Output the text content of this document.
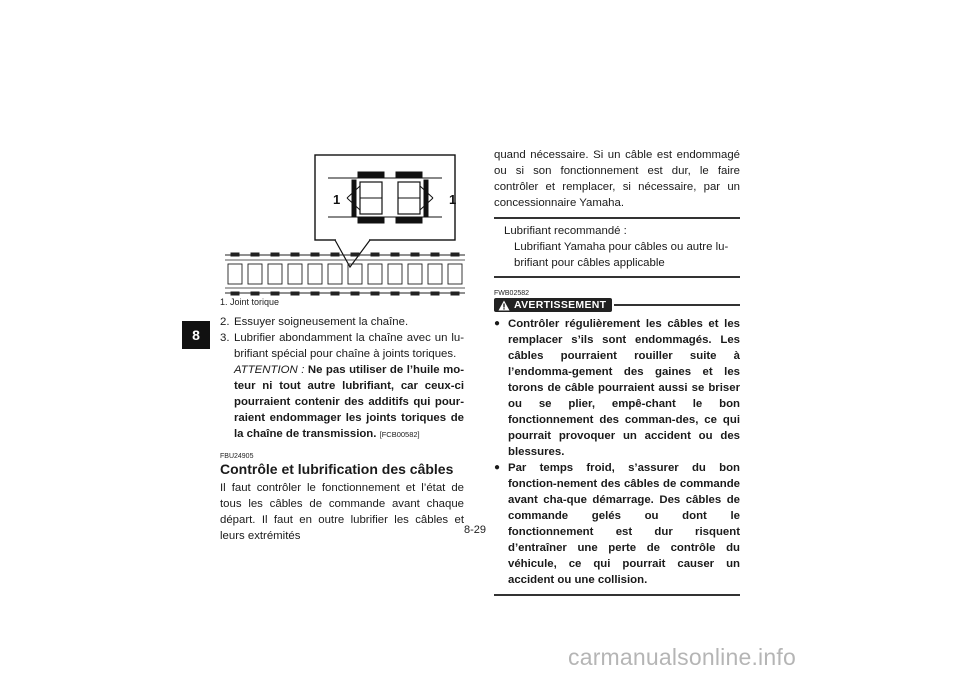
8
1	1
1. Joint torique
2. Essuyer soigneusement la chaîne.
3. Lubrifier abondamment la chaîne avec un lu-brifiant spécial pour chaîne à joints toriques.
ATTENTION : Ne pas utiliser de l’huile mo-teur ni tout autre lubrifiant, car ceux-ci pourraient contenir des additifs qui pour-raient endommager les joints toriques de la chaîne de transmission. [FCB00582]
FBU24905
Contrôle et lubrification des câbles
Il faut contrôler le fonctionnement et l’état de tous les câbles de commande avant chaque départ. Il faut en outre lubrifier les câbles et leurs extrémités
quand nécessaire. Si un câble est endommagé ou si son fonctionnement est dur, le faire contrôler et remplacer, si nécessaire, par un concessionnaire Yamaha.
Lubrifiant recommandé :
Lubrifiant Yamaha pour câbles ou autre lu-brifiant pour câbles applicable
FWB02582
AVERTISSEMENT
● Contrôler régulièrement les câbles et les remplacer s’ils sont endommagés. Les câbles pourraient rouiller suite à l’endomma-gement des gaines et les torons de câble pourraient aussi se briser ou se plier, empê-chant le bon fonctionnement des comman-des, ce qui pourrait provoquer un accident ou des blessures.
● Par temps froid, s’assurer du bon fonction-nement des câbles de commande avant cha-que démarrage. Des câbles de commande gelés ou dont le fonctionnement est dur risquent d’entraîner une perte de contrôle du véhicule, ce qui pourrait causer un accident ou une collision.
8-29
carmanualsonline.info
